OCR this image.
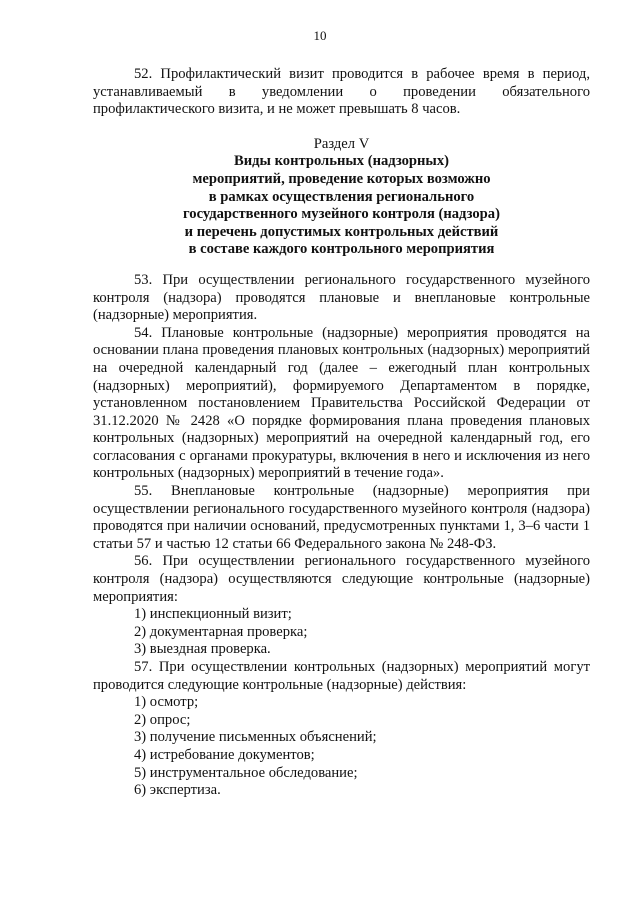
10

52. Профилактический визит проводится в рабочее время в период, устанавливаемый в уведомлении о проведении обязательного профилактического визита, и не может превышать 8 часов.

Раздел V
Виды контрольных (надзорных)
мероприятий, проведение которых возможно
в рамках осуществления регионального
государственного музейного контроля (надзора)
и перечень допустимых контрольных действий
в составе каждого контрольного мероприятия

53. При осуществлении регионального государственного музейного контроля (надзора) проводятся плановые и внеплановые контрольные (надзорные) мероприятия.

54. Плановые контрольные (надзорные) мероприятия проводятся на основании плана проведения плановых контрольных (надзорных) мероприятий на очередной календарный год (далее – ежегодный план контрольных (надзорных) мероприятий), формируемого Департаментом в порядке, установленном постановлением Правительства Российской Федерации от 31.12.2020 № 2428 «О порядке формирования плана проведения плановых контрольных (надзорных) мероприятий на очередной календарный год, его согласования с органами прокуратуры, включения в него и исключения из него контрольных (надзорных) мероприятий в течение года».

55. Внеплановые контрольные (надзорные) мероприятия при осуществлении регионального государственного музейного контроля (надзора) проводятся при наличии оснований, предусмотренных пунктами 1, 3–6 части 1 статьи 57 и частью 12 статьи 66 Федерального закона № 248-ФЗ.

56. При осуществлении регионального государственного музейного контроля (надзора) осуществляются следующие контрольные (надзорные) мероприятия:

1) инспекционный визит;

2) документарная проверка;

3) выездная проверка.

57. При осуществлении контрольных (надзорных) мероприятий могут проводится следующие контрольные (надзорные) действия:

1) осмотр;

2) опрос;

3) получение письменных объяснений;

4) истребование документов;

5) инструментальное обследование;

6) экспертиза.
